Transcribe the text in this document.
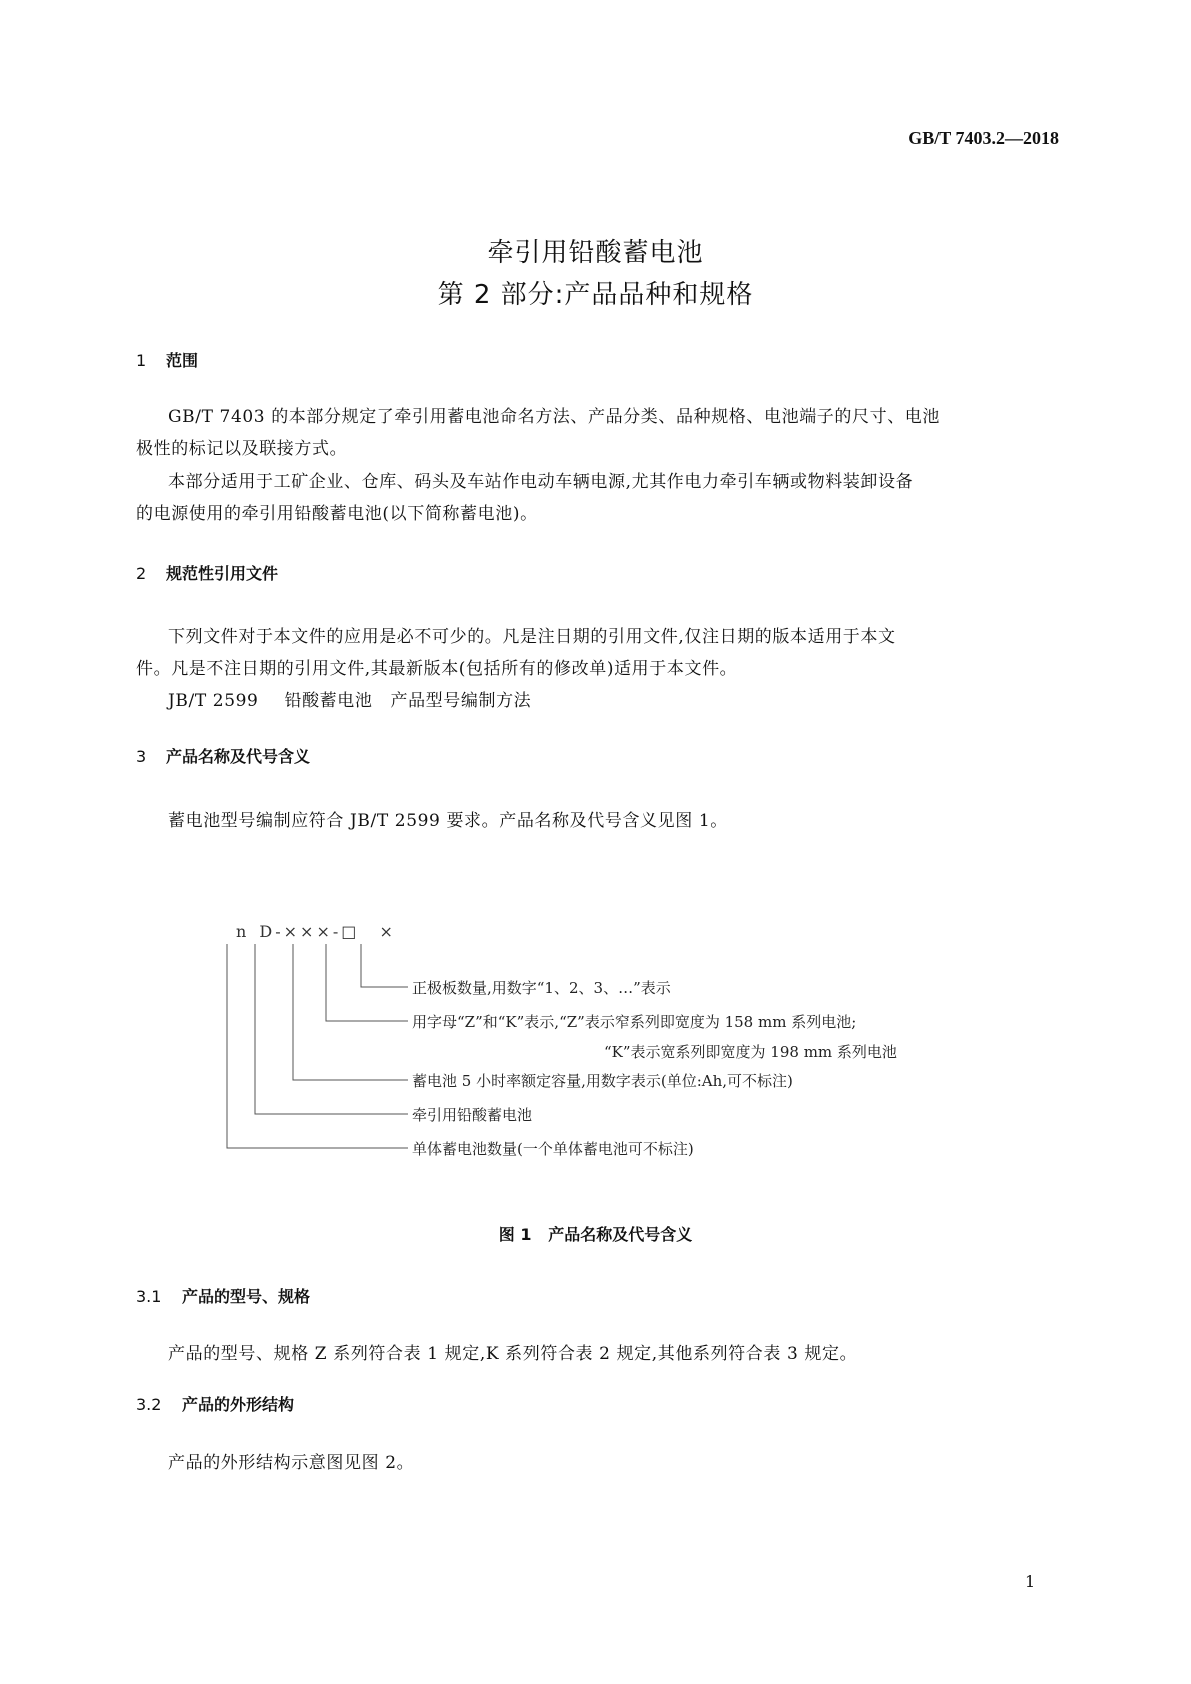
GB/T 7403.2—2018
牵引用铅酸蓄电池
第 2 部分:产品品种和规格
1 范围
GB/T 7403 的本部分规定了牵引用蓄电池命名方法、产品分类、品种规格、电池端子的尺寸、电池
极性的标记以及联接方式。
本部分适用于工矿企业、仓库、码头及车站作电动车辆电源,尤其作电力牵引车辆或物料装卸设备
的电源使用的牵引用铅酸蓄电池(以下简称蓄电池)。
2 规范性引用文件
下列文件对于本文件的应用是必不可少的。凡是注日期的引用文件,仅注日期的版本适用于本文
件。凡是不注日期的引用文件,其最新版本(包括所有的修改单)适用于本文件。
JB/T 2599 铅酸蓄电池   产品型号编制方法
3 产品名称及代号含义
蓄电池型号编制应符合 JB/T 2599 要求。产品名称及代号含义见图 1。
n D-×××-□ ×
正极板数量,用数字“1、2、3、…”表示
用字母“Z”和“K”表示,“Z”表示窄系列即宽度为 158 mm 系列电池;
“K”表示宽系列即宽度为 198 mm 系列电池
蓄电池 5 小时率额定容量,用数字表示(单位:Ah,可不标注)
牵引用铅酸蓄电池
单体蓄电池数量(一个单体蓄电池可不标注)
图 1   产品名称及代号含义
3.1 产品的型号、规格
产品的型号、规格 Z 系列符合表 1 规定,K 系列符合表 2 规定,其他系列符合表 3 规定。
3.2 产品的外形结构
产品的外形结构示意图见图 2。
1
